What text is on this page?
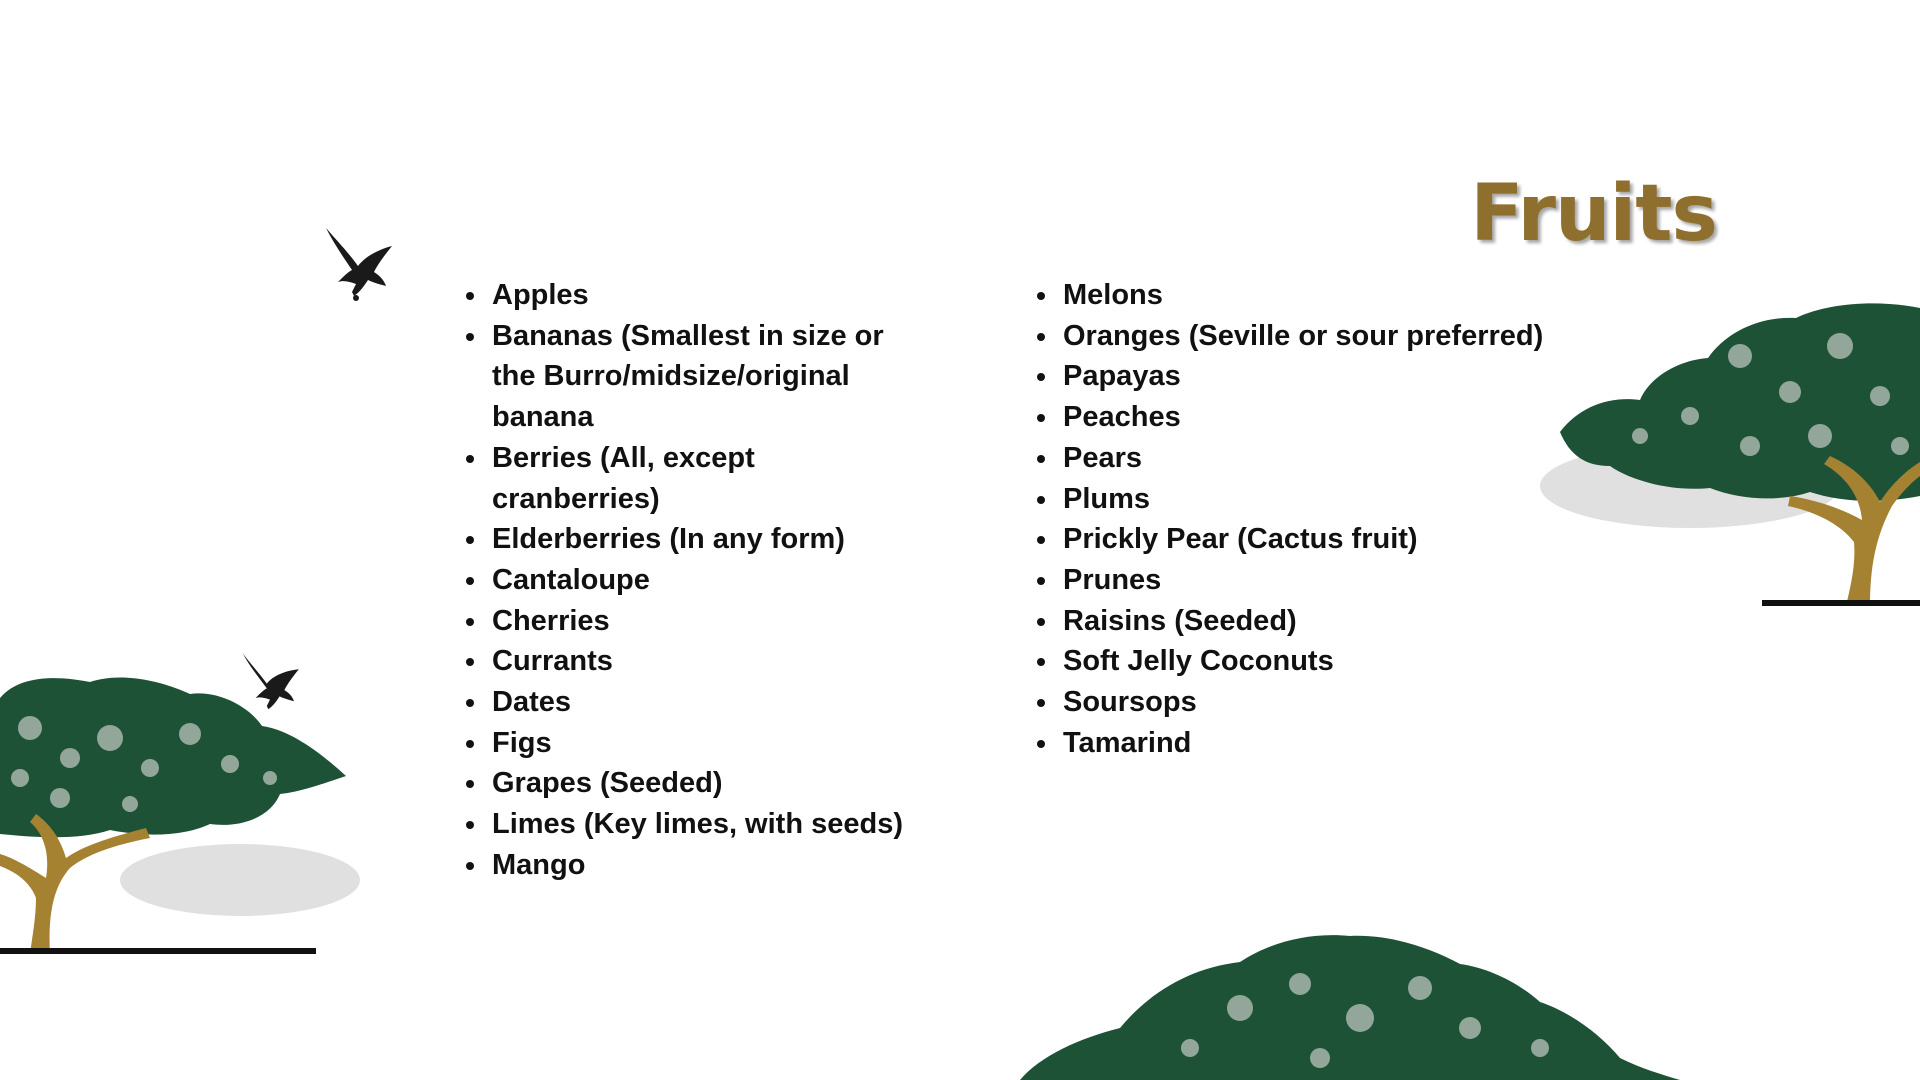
Fruits
Apples
Bananas (Smallest in size or the Burro/midsize/original banana
Berries (All, except cranberries)
Elderberries (In any form)
Cantaloupe
Cherries
Currants
Dates
Figs
Grapes (Seeded)
Limes (Key limes, with seeds)
Mango
Melons
Oranges (Seville or sour preferred)
Papayas
Peaches
Pears
Plums
Prickly Pear (Cactus fruit)
Prunes
Raisins (Seeded)
Soft Jelly Coconuts
Soursops
Tamarind
